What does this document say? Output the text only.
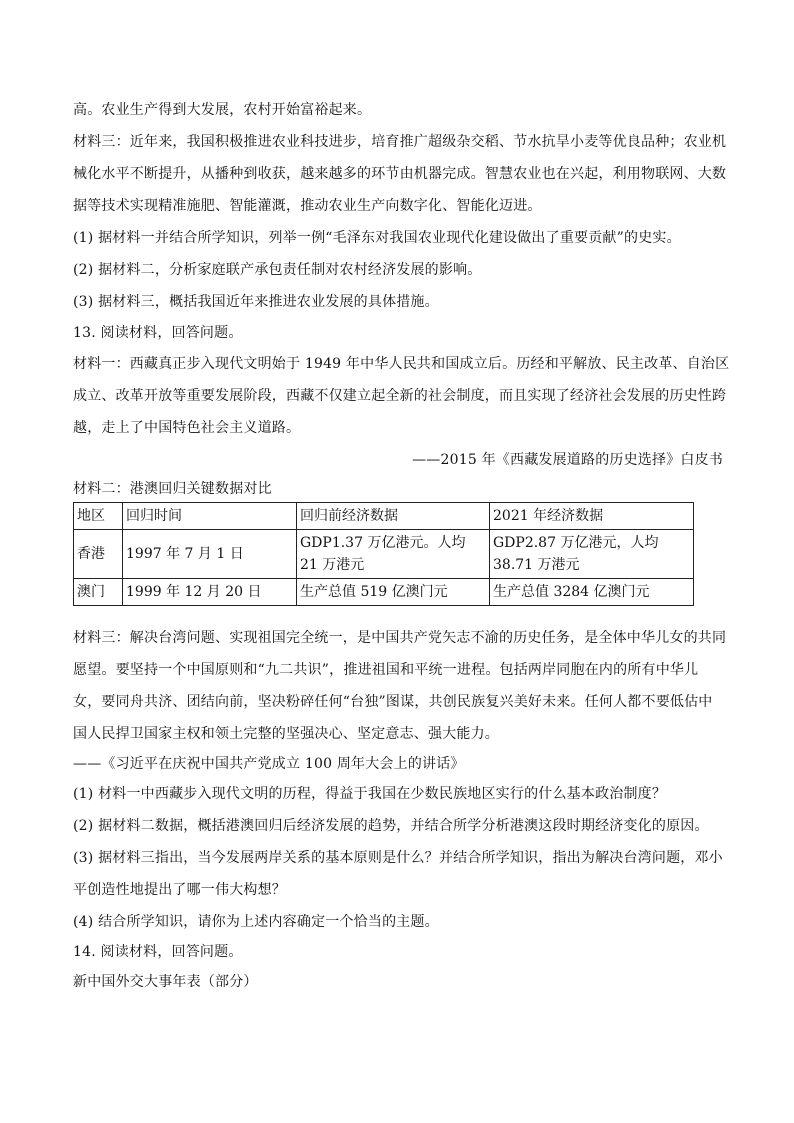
高。农业生产得到大发展，农村开始富裕起来。
材料三：近年来，我国积极推进农业科技进步，培育推广超级杂交稻、节水抗旱小麦等优良品种；农业机
械化水平不断提升，从播种到收获，越来越多的环节由机器完成。智慧农业也在兴起，利用物联网、大数
据等技术实现精准施肥、智能灌溉，推动农业生产向数字化、智能化迈进。
(1) 据材料一并结合所学知识，列举一例“毛泽东对我国农业现代化建设做出了重要贡献”的史实。
(2) 据材料二，分析家庭联产承包责任制对农村经济发展的影响。
(3) 据材料三，概括我国近年来推进农业发展的具体措施。
13. 阅读材料，回答问题。
材料一：西藏真正步入现代文明始于 1949 年中华人民共和国成立后。历经和平解放、民主改革、自治区
成立、改革开放等重要发展阶段，西藏不仅建立起全新的社会制度，而且实现了经济社会发展的历史性跨
越，走上了中国特色社会主义道路。
——2015 年《西藏发展道路的历史选择》白皮书
材料二：港澳回归关键数据对比
地区	回归时间	回归前经济数据	2021 年经济数据
香港	1997 年 7 月 1 日	GDP1.37 万亿港元。人均 21 万港元	GDP2.87 万亿港元，人均 38.71 万港元
澳门	1999 年 12 月 20 日	生产总值 519 亿澳门元	生产总值 3284 亿澳门元
材料三：解决台湾问题、实现祖国完全统一，是中国共产党矢志不渝的历史任务，是全体中华儿女的共同
愿望。要坚持一个中国原则和“九二共识”，推进祖国和平统一进程。包括两岸同胞在内的所有中华儿
女，要同舟共济、团结向前，坚决粉碎任何“台独”图谋，共创民族复兴美好未来。任何人都不要低估中
国人民捍卫国家主权和领土完整的坚强决心、坚定意志、强大能力。
——《习近平在庆祝中国共产党成立 100 周年大会上的讲话》
(1) 材料一中西藏步入现代文明的历程，得益于我国在少数民族地区实行的什么基本政治制度？
(2) 据材料二数据，概括港澳回归后经济发展的趋势，并结合所学分析港澳这段时期经济变化的原因。
(3) 据材料三指出，当今发展两岸关系的基本原则是什么？并结合所学知识，指出为解决台湾问题，邓小
平创造性地提出了哪一伟大构想？
(4) 结合所学知识，请你为上述内容确定一个恰当的主题。
14. 阅读材料，回答问题。
新中国外交大事年表（部分）
